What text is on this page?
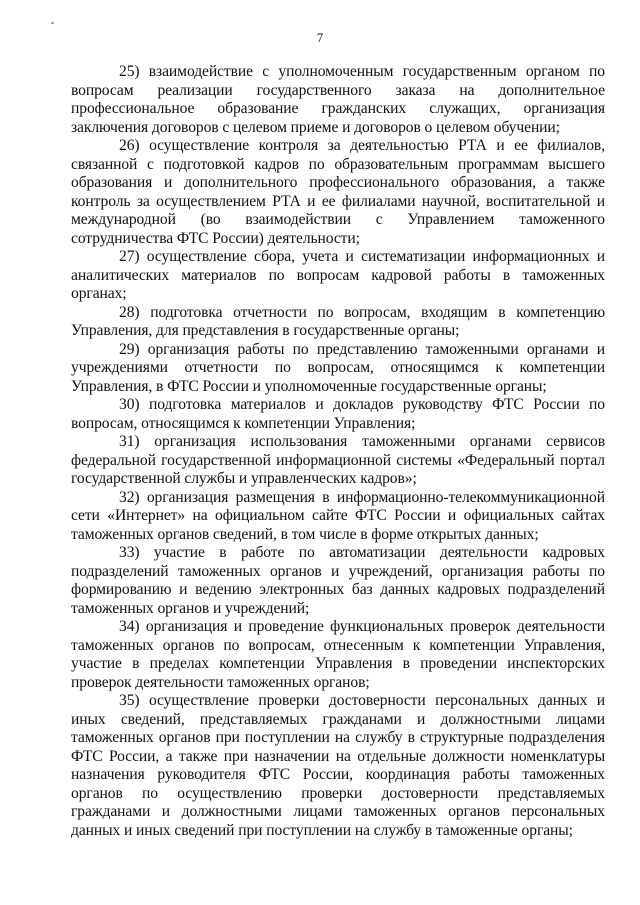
7

25) взаимодействие с уполномоченным государственным органом по вопросам реализации государственного заказа на дополнительное профессиональное образование гражданских служащих, организация заключения договоров с целевом приеме и договоров о целевом обучении;

26) осуществление контроля за деятельностью РТА и ее филиалов, связанной с подготовкой кадров по образовательным программам высшего образования и дополнительного профессионального образования, а также контроль за осуществлением РТА и ее филиалами научной, воспитательной и международной (во взаимодействии с Управлением таможенного сотрудничества ФТС России) деятельности;

27) осуществление сбора, учета и систематизации информационных и аналитических материалов по вопросам кадровой работы в таможенных органах;

28) подготовка отчетности по вопросам, входящим в компетенцию Управления, для представления в государственные органы;

29) организация работы по представлению таможенными органами и учреждениями отчетности по вопросам, относящимся к компетенции Управления, в ФТС России и уполномоченные государственные органы;

30) подготовка материалов и докладов руководству ФТС России по вопросам, относящимся к компетенции Управления;

31) организация использования таможенными органами сервисов федеральной государственной информационной системы «Федеральный портал государственной службы и управленческих кадров»;

32) организация размещения в информационно-телекоммуникационной сети «Интернет» на официальном сайте ФТС России и официальных сайтах таможенных органов сведений, в том числе в форме открытых данных;

33) участие в работе по автоматизации деятельности кадровых подразделений таможенных органов и учреждений, организация работы по формированию и ведению электронных баз данных кадровых подразделений таможенных органов и учреждений;

34) организация и проведение функциональных проверок деятельности таможенных органов по вопросам, отнесенным к компетенции Управления, участие в пределах компетенции Управления в проведении инспекторских проверок деятельности таможенных органов;

35) осуществление проверки достоверности персональных данных и иных сведений, представляемых гражданами и должностными лицами таможенных органов при поступлении на службу в структурные подразделения ФТС России, а также при назначении на отдельные должности номенклатуры назначения руководителя ФТС России, координация работы таможенных органов по осуществлению проверки достоверности представляемых гражданами и должностными лицами таможенных органов персональных данных и иных сведений при поступлении на службу в таможенные органы;
